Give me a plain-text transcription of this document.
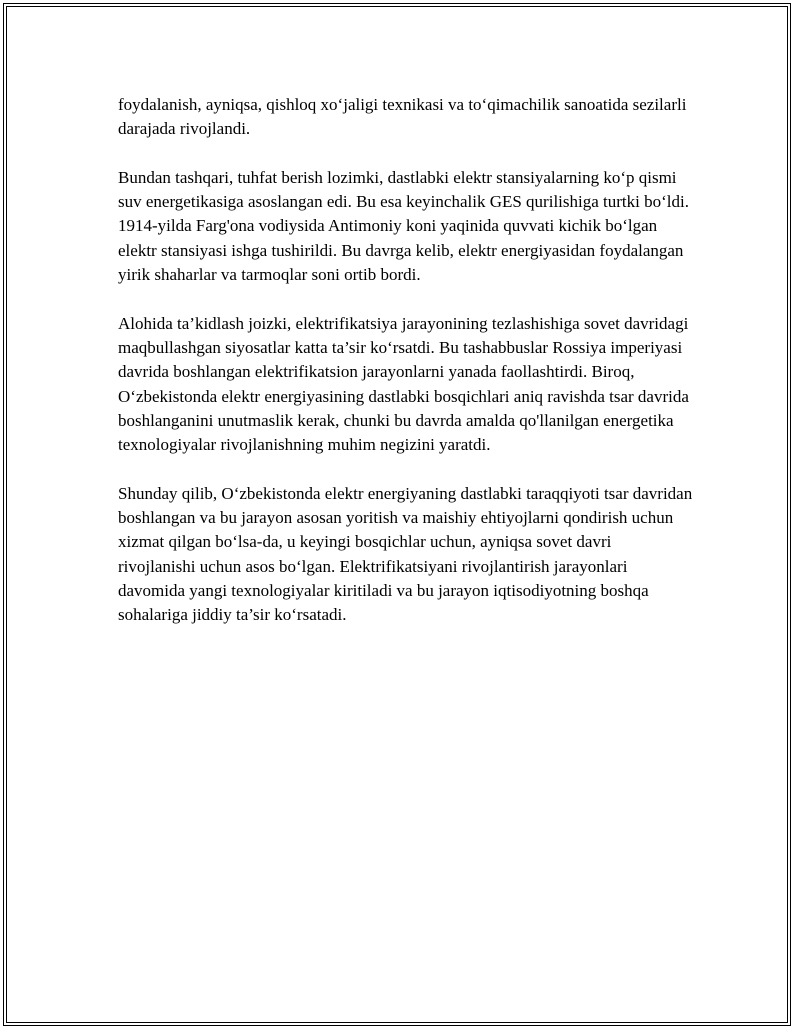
foydalanish, ayniqsa, qishloq xoʻjaligi texnikasi va toʻqimachilik sanoatida sezilarli darajada rivojlandi.

Bundan tashqari, tuhfat berish lozimki, dastlabki elektr stansiyalarning koʻp qismi suv energetikasiga asoslangan edi. Bu esa keyinchalik GES qurilishiga turtki boʻldi. 1914-yilda Farg'ona vodiysida Antimoniy koni yaqinida quvvati kichik boʻlgan elektr stansiyasi ishga tushirildi. Bu davrga kelib, elektr energiyasidan foydalangan yirik shaharlar va tarmoqlar soni ortib bordi.

Alohida ta’kidlash joizki, elektrifikatsiya jarayonining tezlashishiga sovet davridagi maqbullashgan siyosatlar katta ta’sir koʻrsatdi. Bu tashabbuslar Rossiya imperiyasi davrida boshlangan elektrifikatsion jarayonlarni yanada faollashtirdi. Biroq, Oʻzbekistonda elektr energiyasining dastlabki bosqichlari aniq ravishda tsar davrida boshlanganini unutmaslik kerak, chunki bu davrda amalda qo'llanilgan energetika texnologiyalar rivojlanishning muhim negizini yaratdi.

Shunday qilib, Oʻzbekistonda elektr energiyaning dastlabki taraqqiyoti tsar davridan boshlangan va bu jarayon asosan yoritish va maishiy ehtiyojlarni qondirish uchun xizmat qilgan boʻlsa-da, u keyingi bosqichlar uchun, ayniqsa sovet davri rivojlanishi uchun asos boʻlgan. Elektrifikatsiyani rivojlantirish jarayonlari davomida yangi texnologiyalar kiritiladi va bu jarayon iqtisodiyotning boshqa sohalariga jiddiy ta’sir koʻrsatadi.
